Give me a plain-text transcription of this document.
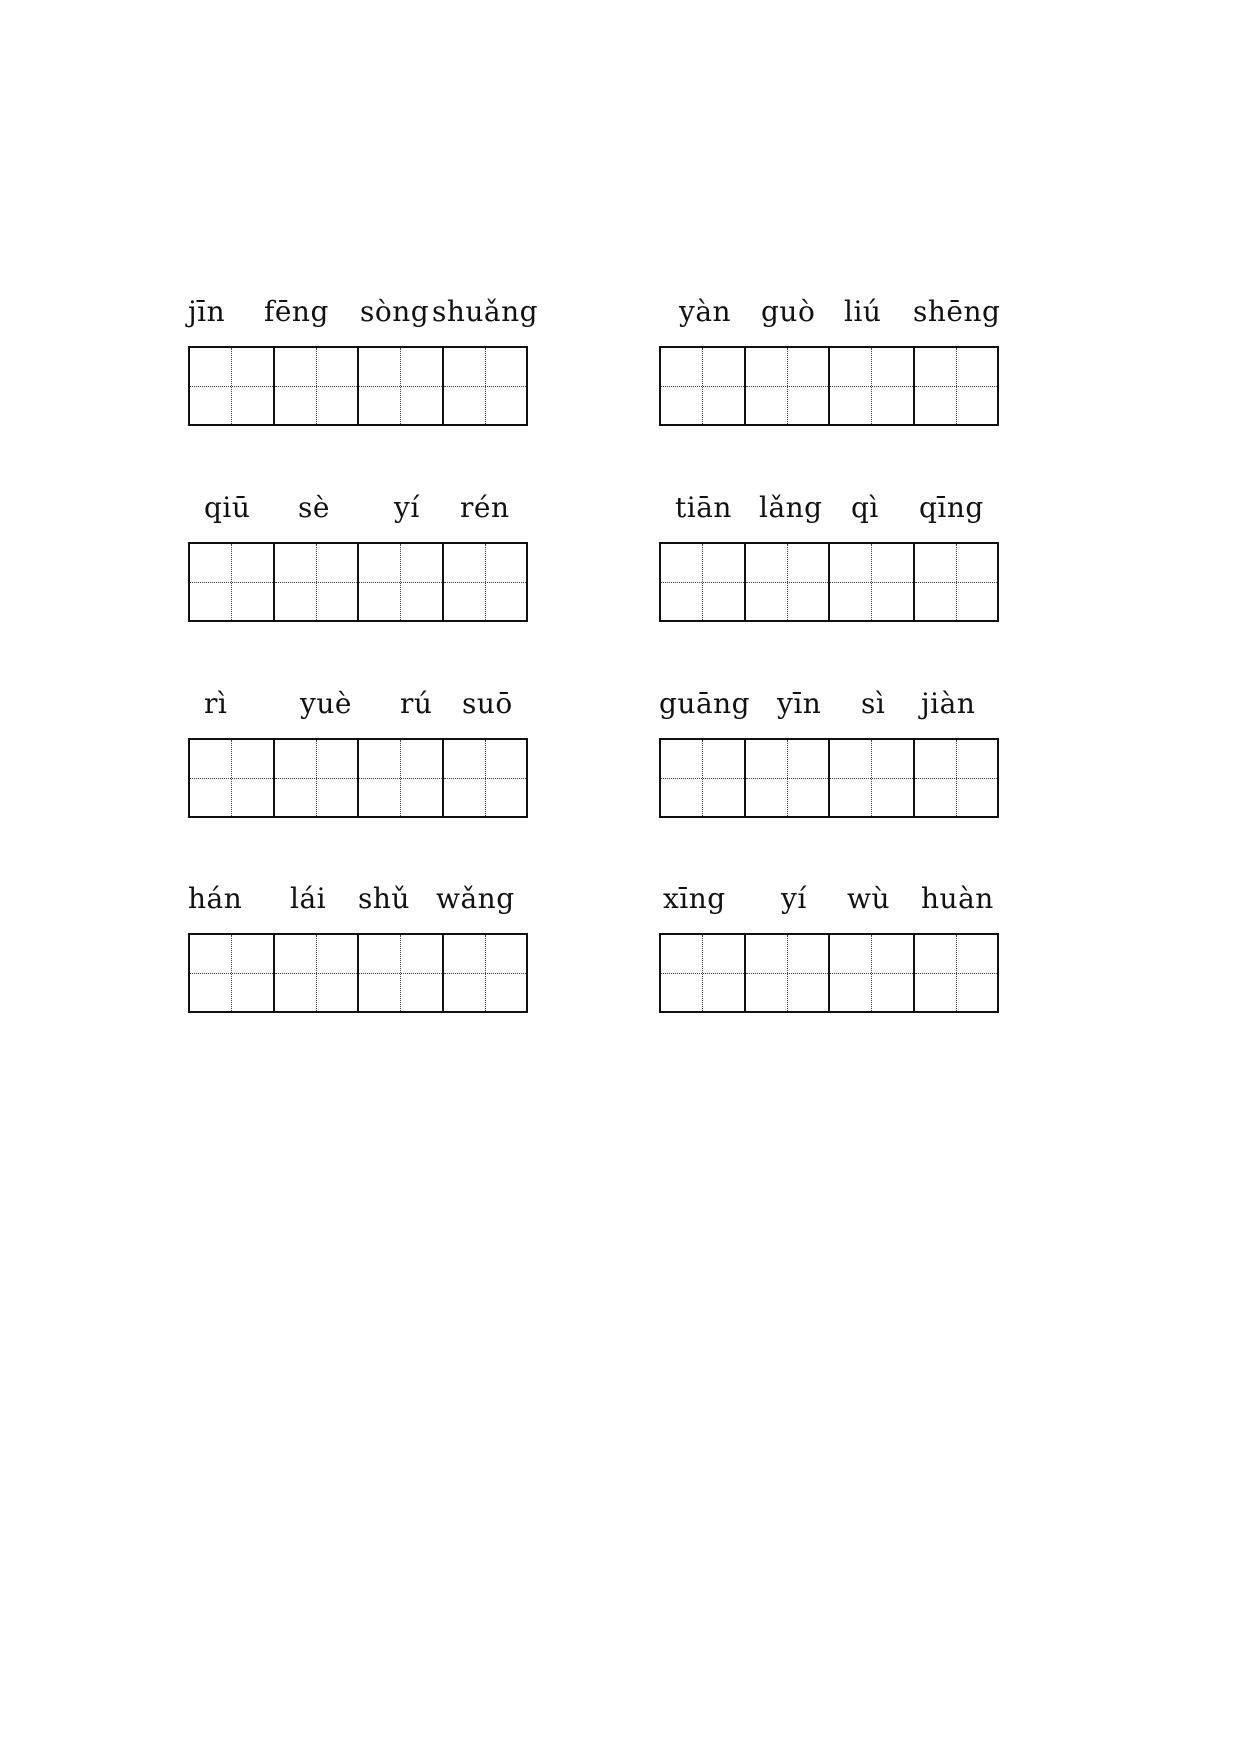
jīn fēng sòng shuǎng	yàn guò liú shēng
qiū sè yí rén	tiān lǎng qì qīng
rì	yuè rú suō	guāng yīn sì jiàn
hán lái shǔ wǎng	xīng yí wù huàn
